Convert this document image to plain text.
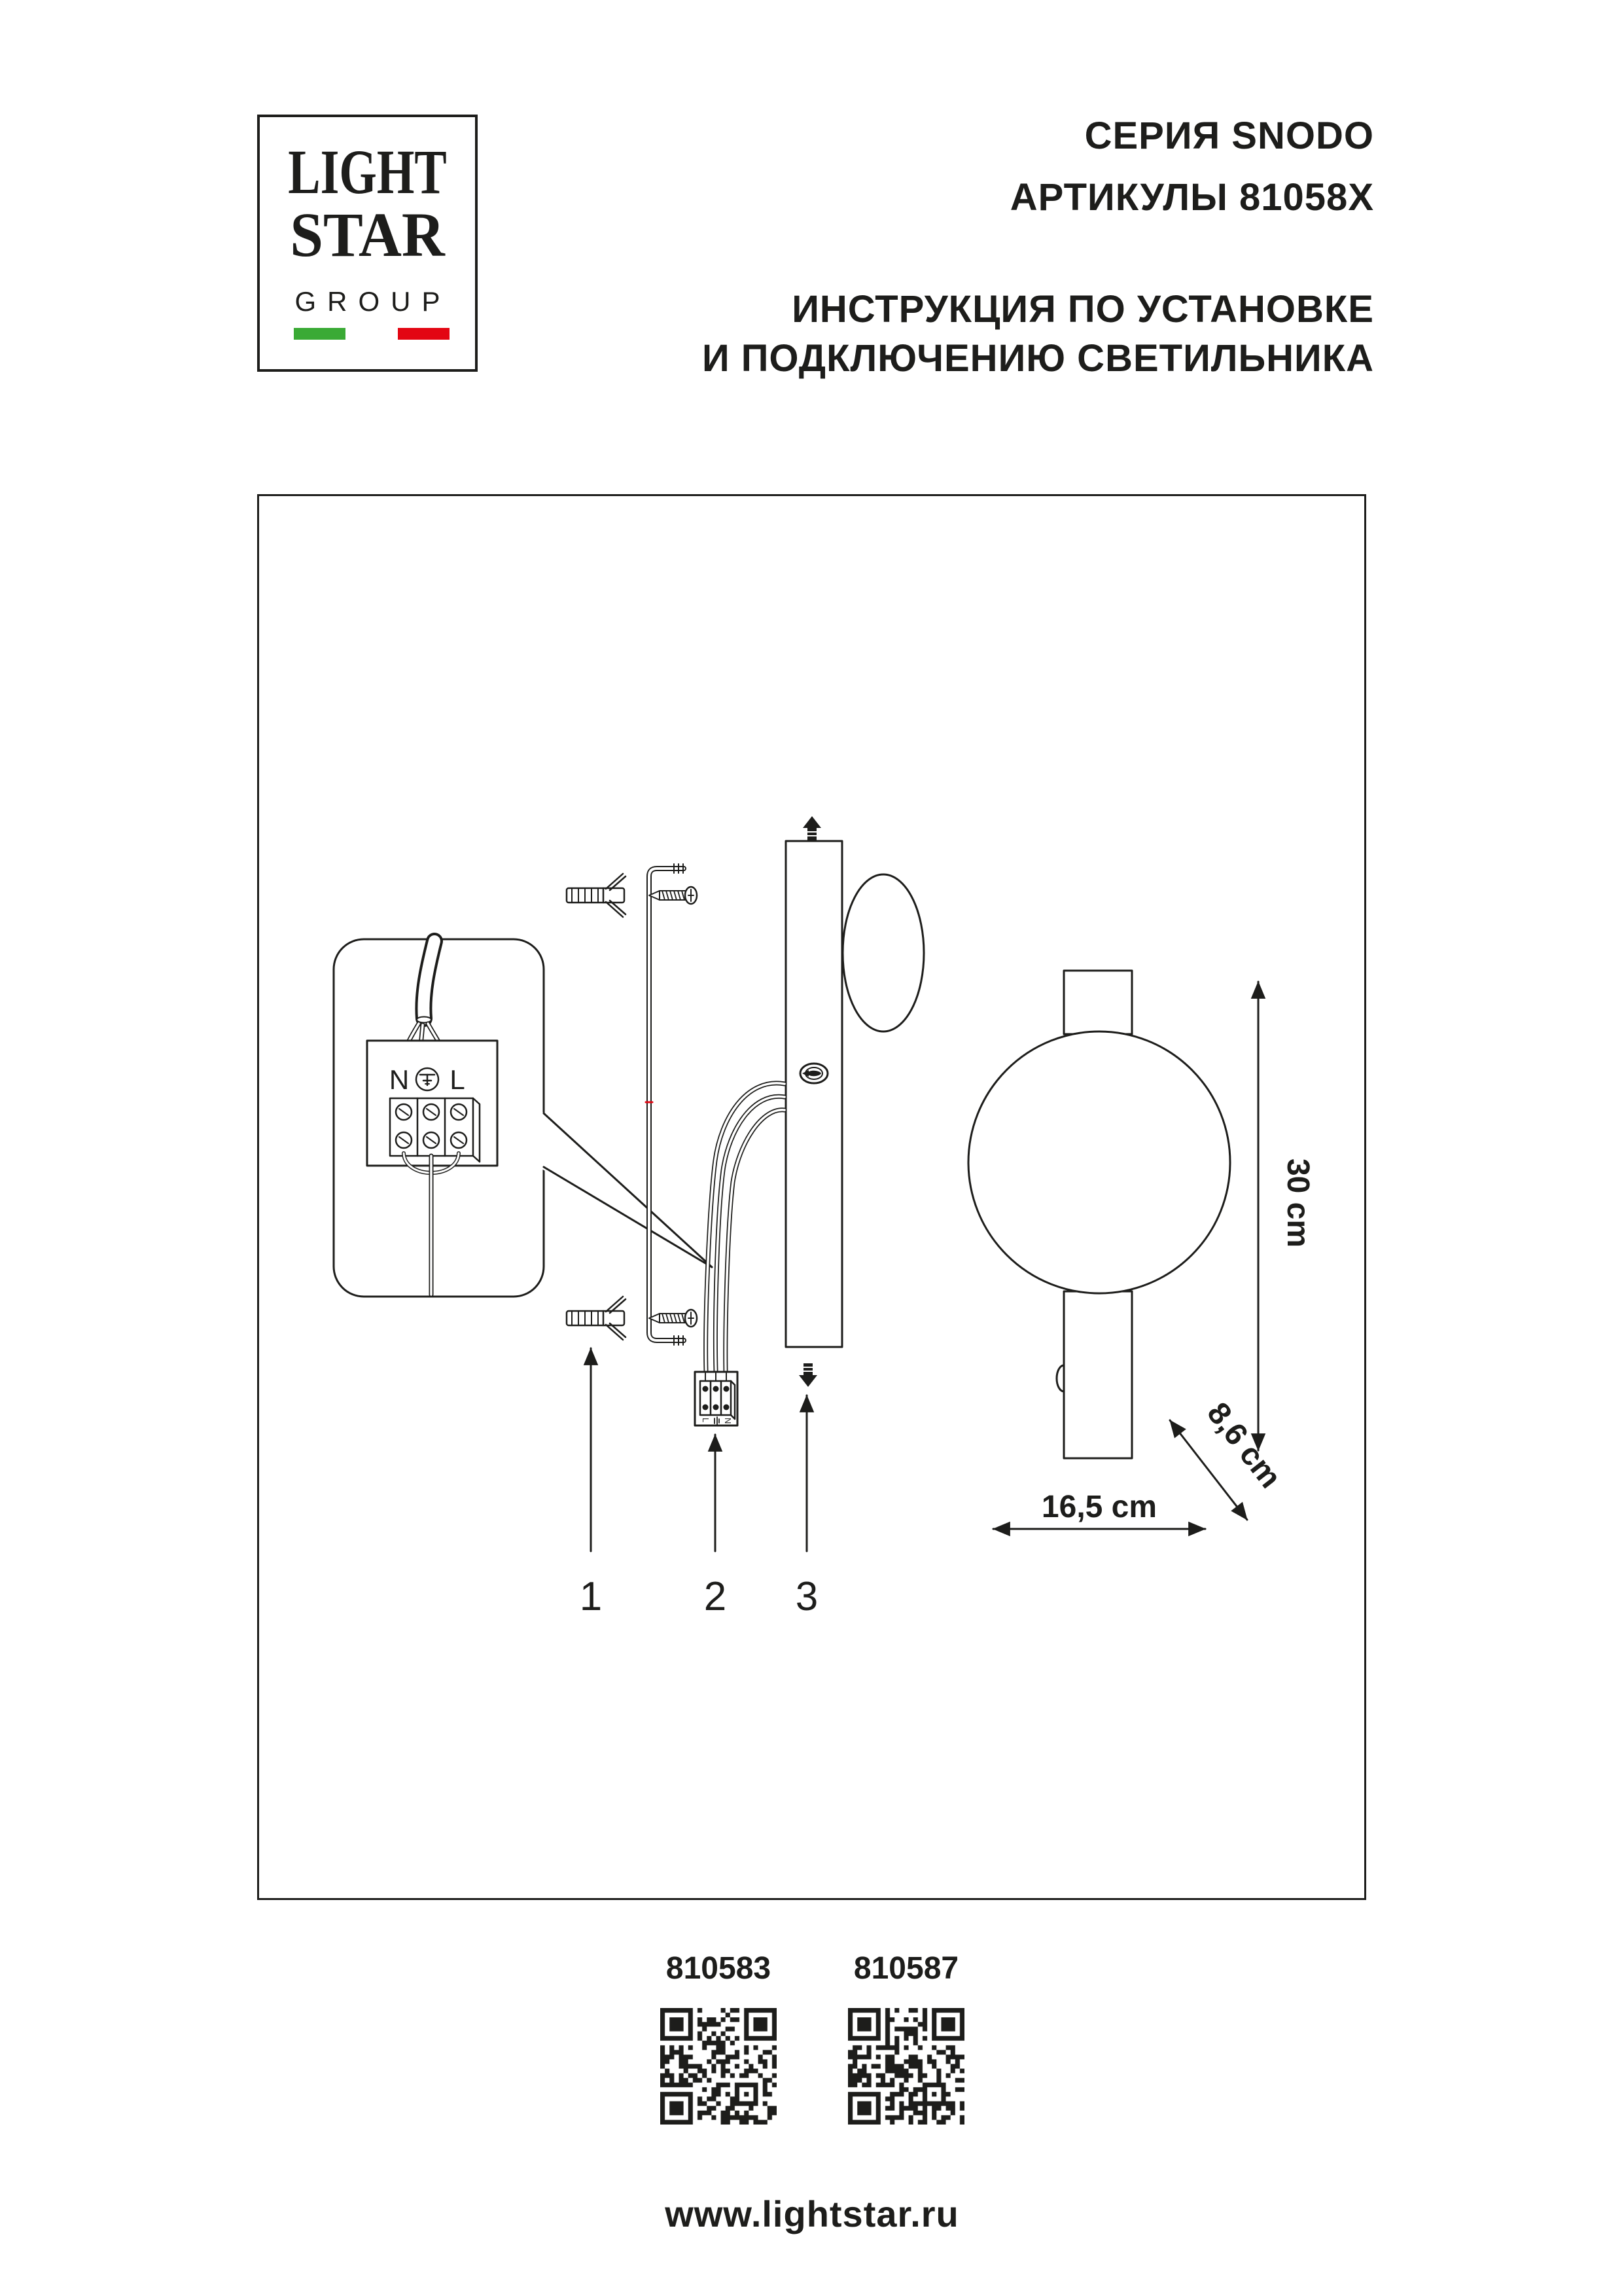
LIGHT
STAR
GROUP
СЕРИЯ SNODO
АРТИКУЛЫ 81058Х
ИНСТРУКЦИЯ ПО УСТАНОВКЕ
И ПОДКЛЮЧЕНИЮ СВЕТИЛЬНИКА
N L
L N
1	2 3
30 cm
8,6 cm
16,5 cm
810583	810587
www.lightstar.ru
